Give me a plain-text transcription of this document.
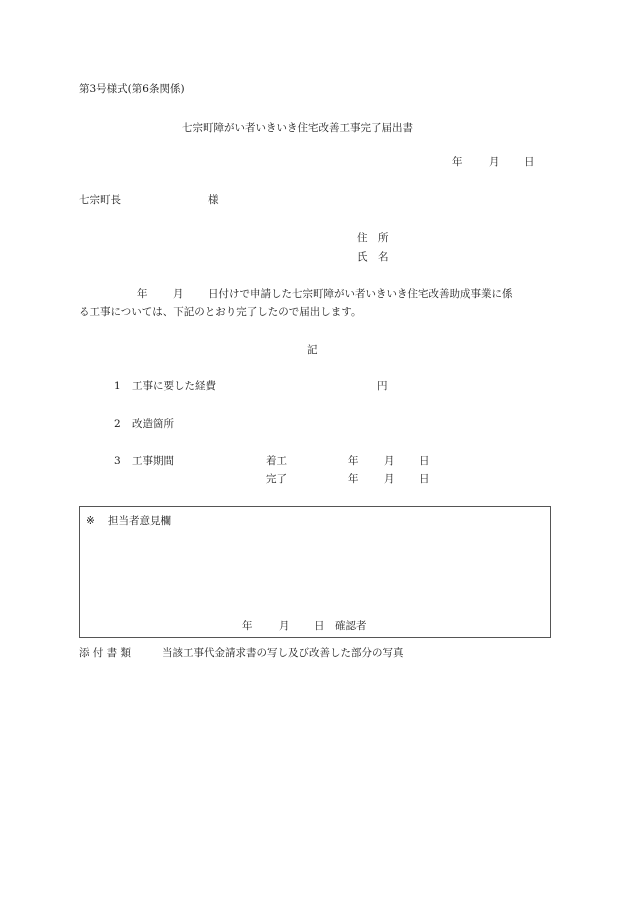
第3号様式(第6条関係)
七宗町障がい者いきいき住宅改善工事完了届出書
年	月 日
七宗町長	様
住　所
氏　名
年 月 日付けで申請した七宗町障がい者いきいき住宅改善助成事業に係
る工事については、下記のとおり完了したので届出します。
記
1 工事に要した経費	円
2 改造箇所
3 工事期間	着工	年 月 日
完了	年 月 日
※ 担当者意見欄
年	月 日 確認者
添 付 書 類	当該工事代金請求書の写し及び改善した部分の写真
